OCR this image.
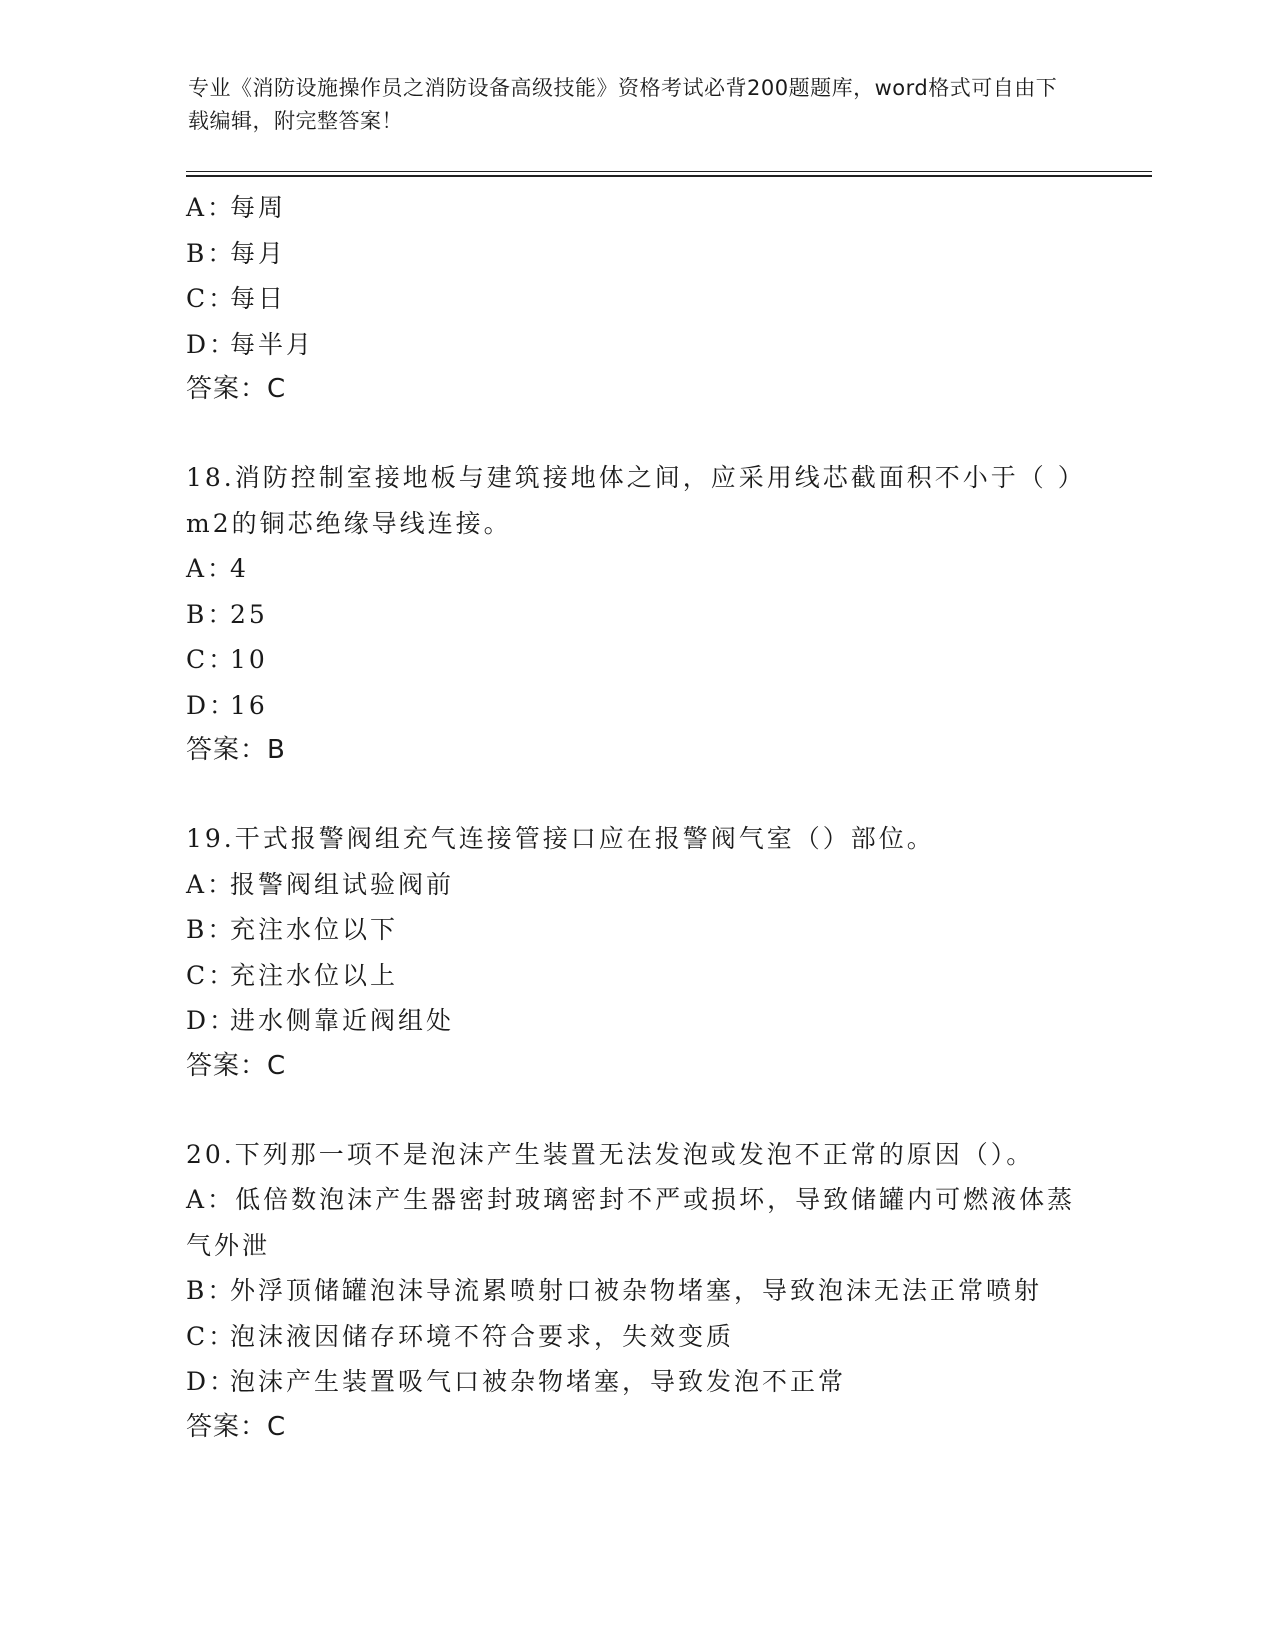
专业《消防设施操作员之消防设备高级技能》资格考试必背200题题库，word格式可自由下载编辑，附完整答案！
A：
每周
B：
每月
C：
每日
D：
每半月
答案：C
18.消防控制室接地板与建筑接地体之间，应采用线芯截面积不小于（ ）m2的铜芯绝缘导线连接。
A：
4
B：
25
C：
10
D：
16
答案：B
19.干式报警阀组充气连接管接口应在报警阀气室（）部位。
A：
报警阀组试验阀前
B：
充注水位以下
C：
充注水位以上
D：
进水侧靠近阀组处
答案：C
20.下列那一项不是泡沫产生装置无法发泡或发泡不正常的原因（）。
A：低倍数泡沫产生器密封玻璃密封不严或损坏，导致储罐内可燃液体蒸气外泄
B：
外浮顶储罐泡沫导流累喷射口被杂物堵塞，导致泡沫无法正常喷射
C：
泡沫液因储存环境不符合要求，失效变质
D：
泡沫产生装置吸气口被杂物堵塞，导致发泡不正常
答案：C
